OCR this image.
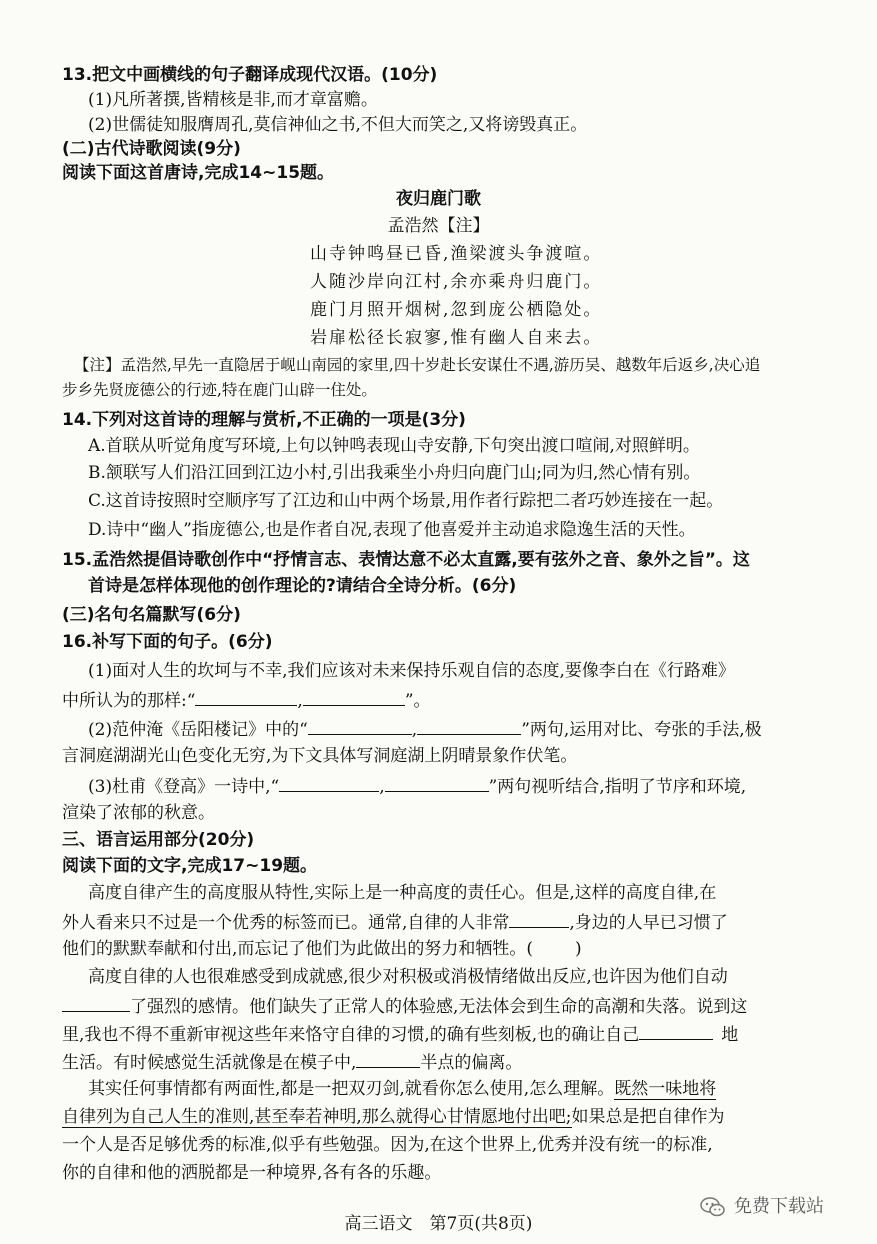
13.把文中画横线的句子翻译成现代汉语。(10分)
(1)凡所著撰,皆精核是非,而才章富赡。
(2)世儒徒知服膺周孔,莫信神仙之书,不但大而笑之,又将谤毁真正。
(二)古代诗歌阅读(9分)
阅读下面这首唐诗,完成14~15题。
夜归鹿门歌
孟浩然【注】
山寺钟鸣昼已昏,渔梁渡头争渡喧。
人随沙岸向江村,余亦乘舟归鹿门。
鹿门月照开烟树,忽到庞公栖隐处。
岩扉松径长寂寥,惟有幽人自来去。
【注】孟浩然,早先一直隐居于岘山南园的家里,四十岁赴长安谋仕不遇,游历吴、越数年后返乡,决心追
步乡先贤庞德公的行迹,特在鹿门山辟一住处。
14.下列对这首诗的理解与赏析,不正确的一项是(3分)
A.首联从听觉角度写环境,上句以钟鸣表现山寺安静,下句突出渡口喧闹,对照鲜明。
B.颔联写人们沿江回到江边小村,引出我乘坐小舟归向鹿门山;同为归,然心情有别。
C.这首诗按照时空顺序写了江边和山中两个场景,用作者行踪把二者巧妙连接在一起。
D.诗中“幽人”指庞德公,也是作者自况,表现了他喜爱并主动追求隐逸生活的天性。
15.孟浩然提倡诗歌创作中“抒情言志、表情达意不必太直露,要有弦外之音、象外之旨”。这
首诗是怎样体现他的创作理论的?请结合全诗分析。(6分)
(三)名句名篇默写(6分)
16.补写下面的句子。(6分)
(1)面对人生的坎坷与不幸,我们应该对未来保持乐观自信的态度,要像李白在《行路难》
中所认为的那样:“	,	”。
(2)范仲淹《岳阳楼记》中的“	,	”两句,运用对比、夸张的手法,极
言洞庭湖湖光山色变化无穷,为下文具体写洞庭湖上阴晴景象作伏笔。
(3)杜甫《登高》一诗中,“	,	”两句视听结合,指明了节序和环境,
渲染了浓郁的秋意。
三、语言运用部分(20分)
阅读下面的文字,完成17~19题。
高度自律产生的高度服从特性,实际上是一种高度的责任心。但是,这样的高度自律,在
外人看来只不过是一个优秀的标签而已。通常,自律的人非常	,身边的人早已习惯了
他们的默默奉献和付出,而忘记了他们为此做出的努力和牺牲。( )
高度自律的人也很难感受到成就感,很少对积极或消极情绪做出反应,也许因为他们自动
了强烈的感情。他们缺失了正常人的体验感,无法体会到生命的高潮和失落。说到这
里,我也不得不重新审视这些年来恪守自律的习惯,的确有些刻板,也的确让自己	地
生活。有时候感觉生活就像是在模子中,	半点的偏离。
其实任何事情都有两面性,都是一把双刃剑,就看你怎么使用,怎么理解。既然一味地将
自律列为自己人生的准则,甚至奉若神明,那么就得心甘情愿地付出吧;如果总是把自律作为
一个人是否足够优秀的标准,似乎有些勉强。因为,在这个世界上,优秀并没有统一的标准,
你的自律和他的洒脱都是一种境界,各有各的乐趣。
免费下载站
高三语文　第7页(共8页)
